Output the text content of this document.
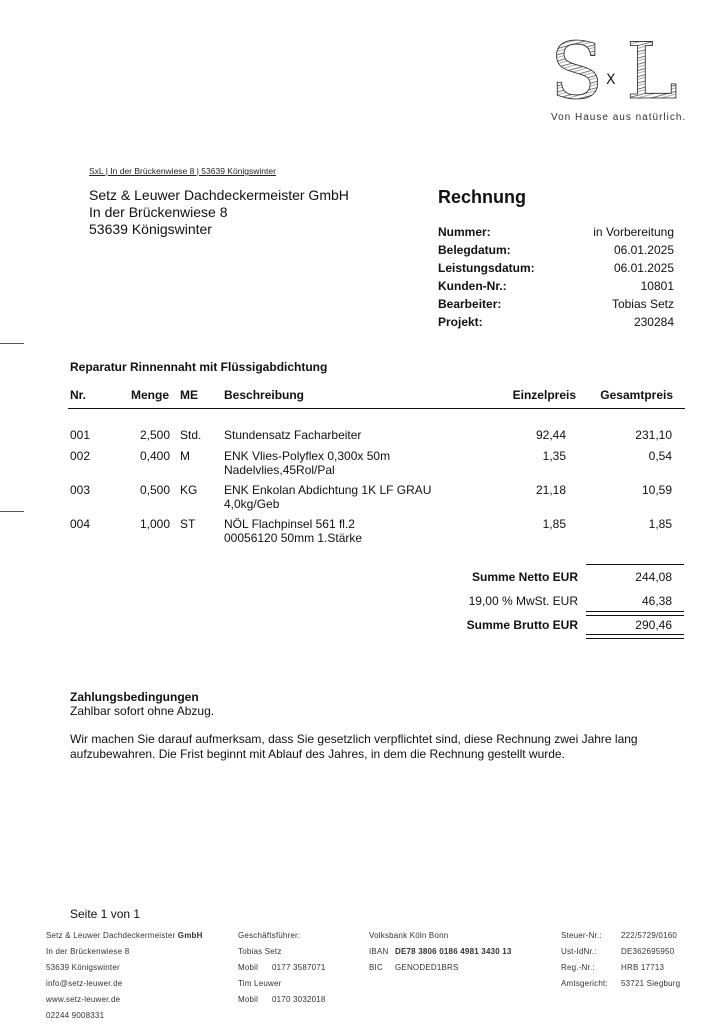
S X L
Von Hause aus natürlich.
SxL | In der Brückenwiese 8 | 53639 Königswinter
Setz & Leuwer Dachdeckermeister GmbH
In der Brückenwiese 8
53639 Königswinter
Rechnung
Nummer:	in Vorbereitung
Belegdatum:	06.01.2025
Leistungsdatum:	06.01.2025
Kunden-Nr.:	10801
Bearbeiter:	Tobias Setz
Projekt:	230284
Reparatur Rinnennaht mit Flüssigabdichtung
Nr.	Menge ME Beschreibung	Einzelpreis Gesamtpreis
001	2,500 Std. Stundensatz Facharbeiter	92,44	231,10
002	0,400 M	ENK Vlies-Polyflex 0,300x 50m
Nadelvlies,45Rol/Pal
1,35	0,54
003	0,500 KG ENK Enkolan Abdichtung 1K LF GRAU
4,0kg/Geb
21,18	10,59
004	1,000 ST NÖL Flachpinsel 561 fl.2
00056120 50mm 1.Stärke
1,85	1,85
Summe Netto EUR	244,08
19,00 % MwSt. EUR	46,38
Summe Brutto EUR	290,46
Zahlungsbedingungen
Zahlbar sofort ohne Abzug.
Wir machen Sie darauf aufmerksam, dass Sie gesetzlich verpflichtet sind, diese Rechnung zwei Jahre lang aufzubewahren. Die Frist beginnt mit Ablauf des Jahres, in dem die Rechnung gestellt wurde.
Seite 1 von 1
Setz & Leuwer Dachdeckermeister GmbH
In der Brückenwiese 8
53639 Königswinter
info@setz-leuwer.de
www.setz-leuwer.de
02244 9008331
Geschäftsführer:
Tobias Setz
Mobil 0177 3587071
Tim Leuwer
Mobil 0170 3032018
Volksbank Köln Bonn
IBAN DE78 3806 0186 4981 3430 13
BIC GENODED1BRS
Steuer-Nr.: 222/5729/0160
Ust-IdNr.:	DE362695950
Reg.-Nr.:	HRB 17713
Amtsgericht: 53721 Siegburg
